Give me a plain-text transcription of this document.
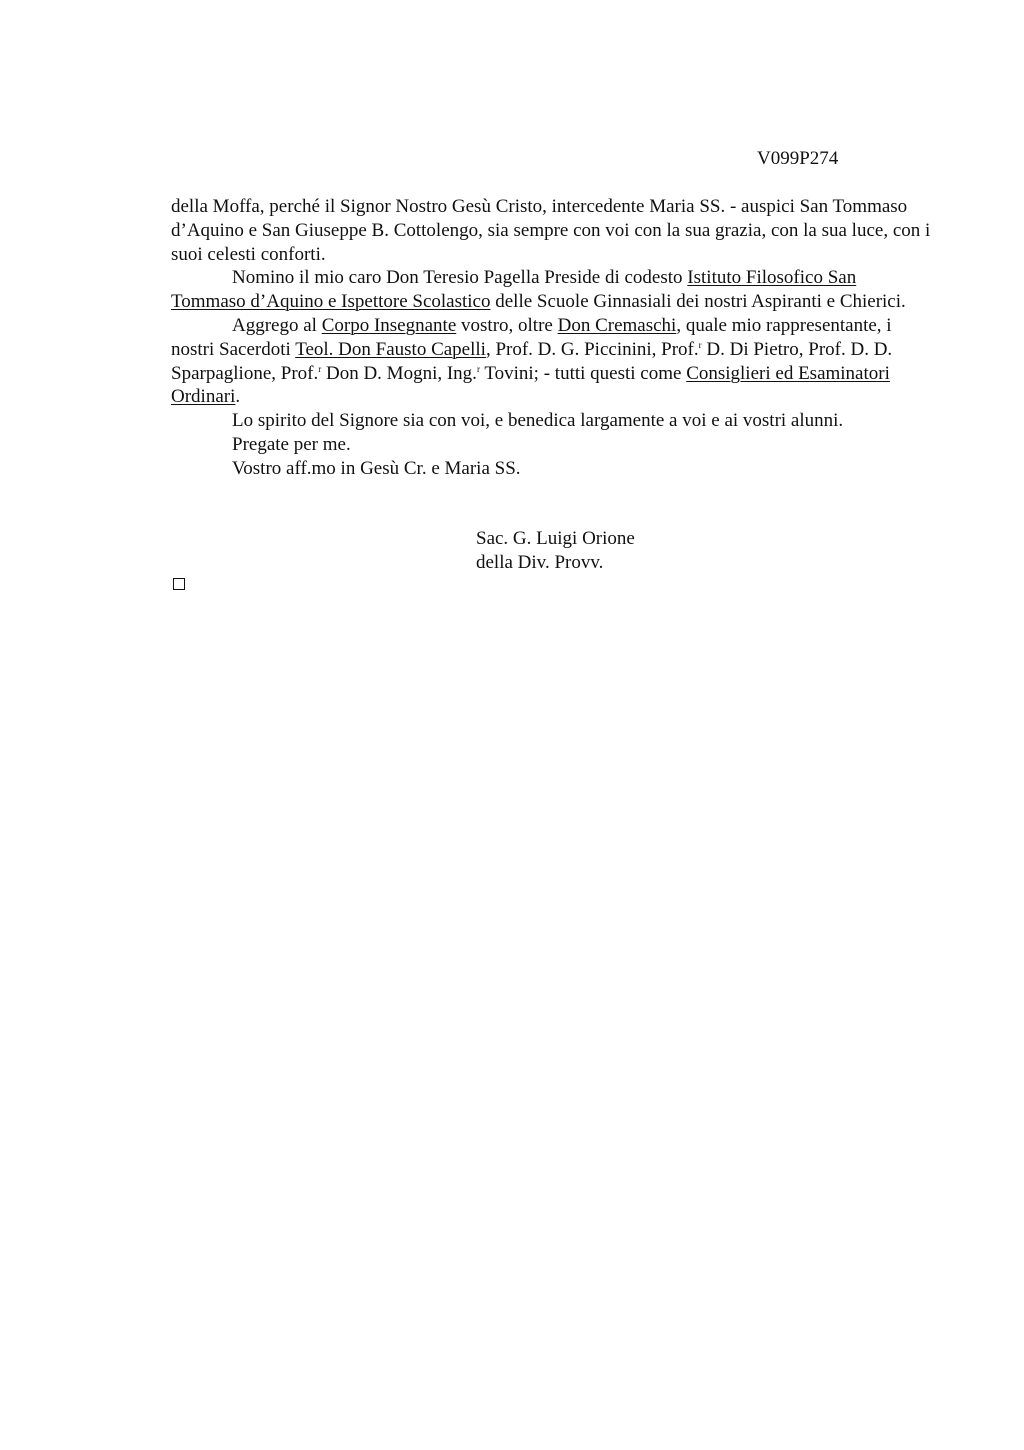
V099P274

della Moffa, perché il Signor Nostro Gesù Cristo, intercedente Maria SS. - auspici San Tommaso d’Aquino e San Giuseppe B. Cottolengo, sia sempre con voi con la sua grazia, con la sua luce, con i suoi celesti conforti.

Nomino il mio caro Don Teresio Pagella Preside di codesto Istituto Filosofico San Tommaso d’Aquino e Ispettore Scolastico delle Scuole Ginnasiali dei nostri Aspiranti e Chierici.

Aggrego al Corpo Insegnante vostro, oltre Don Cremaschi, quale mio rappresentante, i nostri Sacerdoti Teol. Don Fausto Capelli, Prof. D. G. Piccinini, Prof.$^r$ D. Di Pietro, Prof. D. D. Sparpaglione, Prof.$^r$ Don D. Mogni, Ing.$^r$ Tovini; - tutti questi come Consiglieri ed Esaminatori Ordinari.

Lo spirito del Signore sia con voi, e benedica largamente a voi e ai vostri alunni.

Pregate per me.

Vostro aff.mo in Gesù Cr. e Maria SS.

Sac. G. Luigi Orione
della Div. Provv.
